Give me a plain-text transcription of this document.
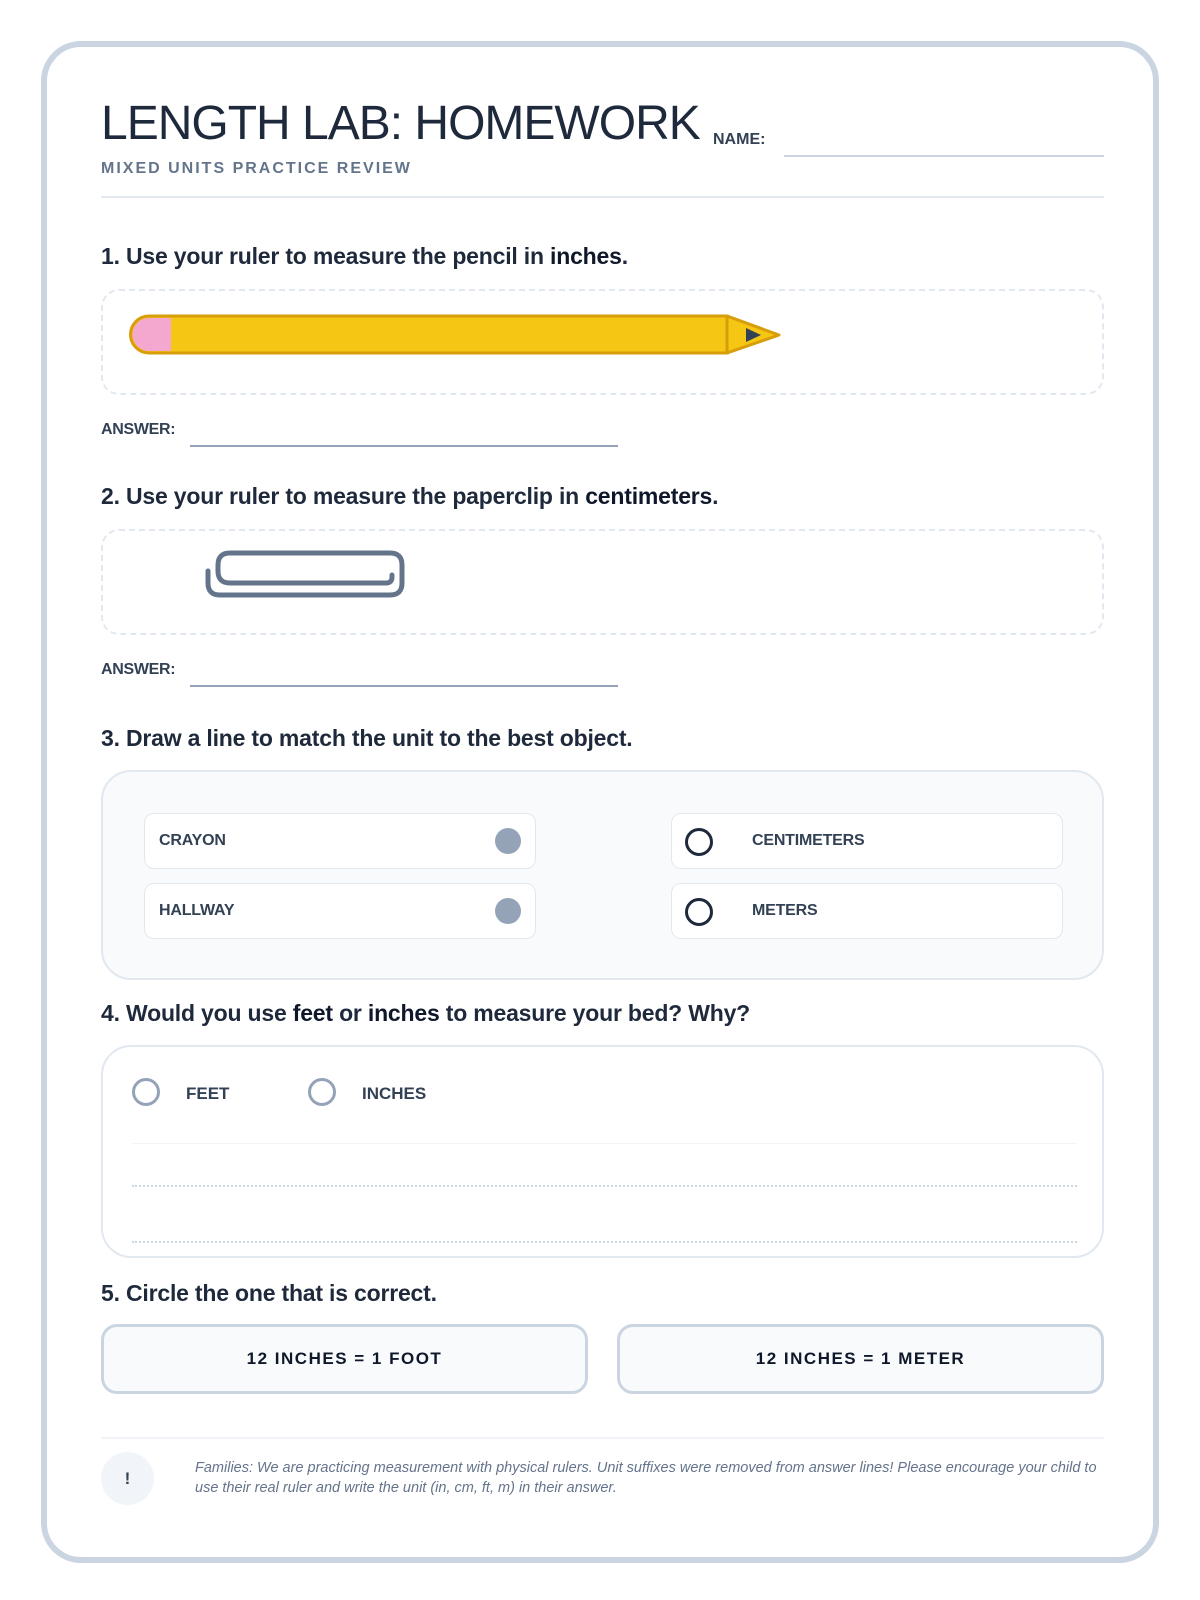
LENGTH LAB: HOMEWORK
MIXED UNITS PRACTICE REVIEW
NAME:
1. Use your ruler to measure the pencil in inches.
ANSWER:
2. Use your ruler to measure the paperclip in centimeters.
ANSWER:
3. Draw a line to match the unit to the best object.
CRAYON
HALLWAY
CENTIMETERS
METERS
4. Would you use feet or inches to measure your bed? Why?
FEET	INCHES
5. Circle the one that is correct.
12 INCHES = 1 FOOT	12 INCHES = 1 METER
!
Families: We are practicing measurement with physical rulers. Unit suffixes were removed from answer lines! Please encourage your child to use their real ruler and write the unit (in, cm, ft, m) in their answer.
